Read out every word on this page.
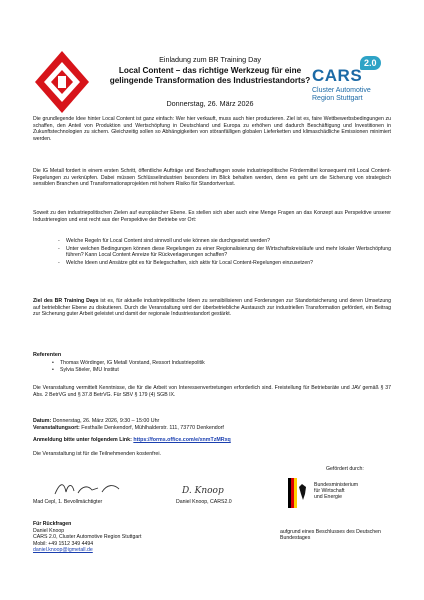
Einladung zum BR Training Day
Local Content – das richtige Werkzeug für eine gelingende Transformation des Industriestandorts?
Donnerstag, 26. März 2026
2.0
CARS
Cluster Automotive
Region Stuttgart
Die grundlegende Idee hinter Local Content ist ganz einfach: Wer hier verkauft, muss auch hier produzieren. Ziel ist es, faire Wettbewerbsbedingungen zu schaffen, den Anteil von Produktion und Wertschöpfung in Deutschland und Europa zu erhöhen und dadurch Beschäftigung und Investitionen in Zukunftstechnologien zu sichern. Gleichzeitig sollen so Abhängigkeiten von störanfälligen globalen Lieferketten und klimaschädliche Emissionen minimiert werden.
Die IG Metall fordert in einem ersten Schritt, öffentliche Aufträge und Beschaffungen sowie industriepolitische Fördermittel konsequent mit Local Content-Regelungen zu verknüpfen. Dabei müssen Schlüsselindustrien besonders im Blick behalten werden, denn es geht um die Sicherung von strategisch sensiblen Branchen und Transformationsprojekten mit hohem Risiko für Standortverlust.
Soweit zu den industriepolitischen Zielen auf europäischer Ebene. Es stellen sich aber auch eine Menge Fragen an das Konzept aus Perspektive unserer Industrieregion und erst recht aus der Perspektive der Betriebe vor Ort:
- Welche Regeln für Local Content sind sinnvoll und wie können sie durchgesetzt werden?
- Unter welchen Bedingungen können diese Regelungen zu einer Regionalisierung der Wirtschaftskreisläufe und mehr lokaler Wertschöpfung führen? Kann Local Content Anreize für Rückverlagerungen schaffen?
- Welche Ideen und Ansätze gibt es für Belegschaften, sich aktiv für Local Content-Regelungen einzusetzen?
Ziel des BR Training Days ist es, für aktuelle industriepolitische Ideen zu sensibilisieren und Forderungen zur Standortsicherung und deren Umsetzung auf betrieblicher Ebene zu diskutieren. Durch die Veranstaltung wird der überbetriebliche Austausch zur industriellen Transformation gefördert, ein Beitrag zur Sicherung guter Arbeit geleistet und damit der regionale Industriestandort gestärkt.
Referenten
• Thomas Wördinger, IG Metall Vorstand, Ressort Industriepolitik
• Sylvia Stieler, IMU Institut
Die Veranstaltung vermittelt Kenntnisse, die für die Arbeit von Interessenvertretungen erforderlich sind. Freistellung für Betriebsräte und JAV gemäß § 37 Abs. 2 BetrVG und § 37.8 BetrVG. Für SBV § 179 (4) SGB IX.
Datum: Donnerstag, 26. März 2026, 9:30 – 15:00 Uhr
Veranstaltungsort: Festhalle Denkendorf, Mühlhalderstr. 111, 73770 Denkendorf
Anmeldung bitte unter folgendem Link: https://forms.office.com/e/xnmTzMRxq
Die Veranstaltung ist für die Teilnehmenden kostenfrei.
D. Knoop
Mad Cepl, 1. Bevollmächtigter	Daniel Knoop, CARS2.0
Gefördert durch:
Bundesministerium
für Wirtschaft
und Energie
aufgrund eines Beschlusses des Deutschen Bundestages
Für Rückfragen
Daniel Knoop
CARS 2.0, Cluster Automotive Region Stuttgart
Mobil: +49 1512 349 4494
daniel.knoop@igmetall.de
